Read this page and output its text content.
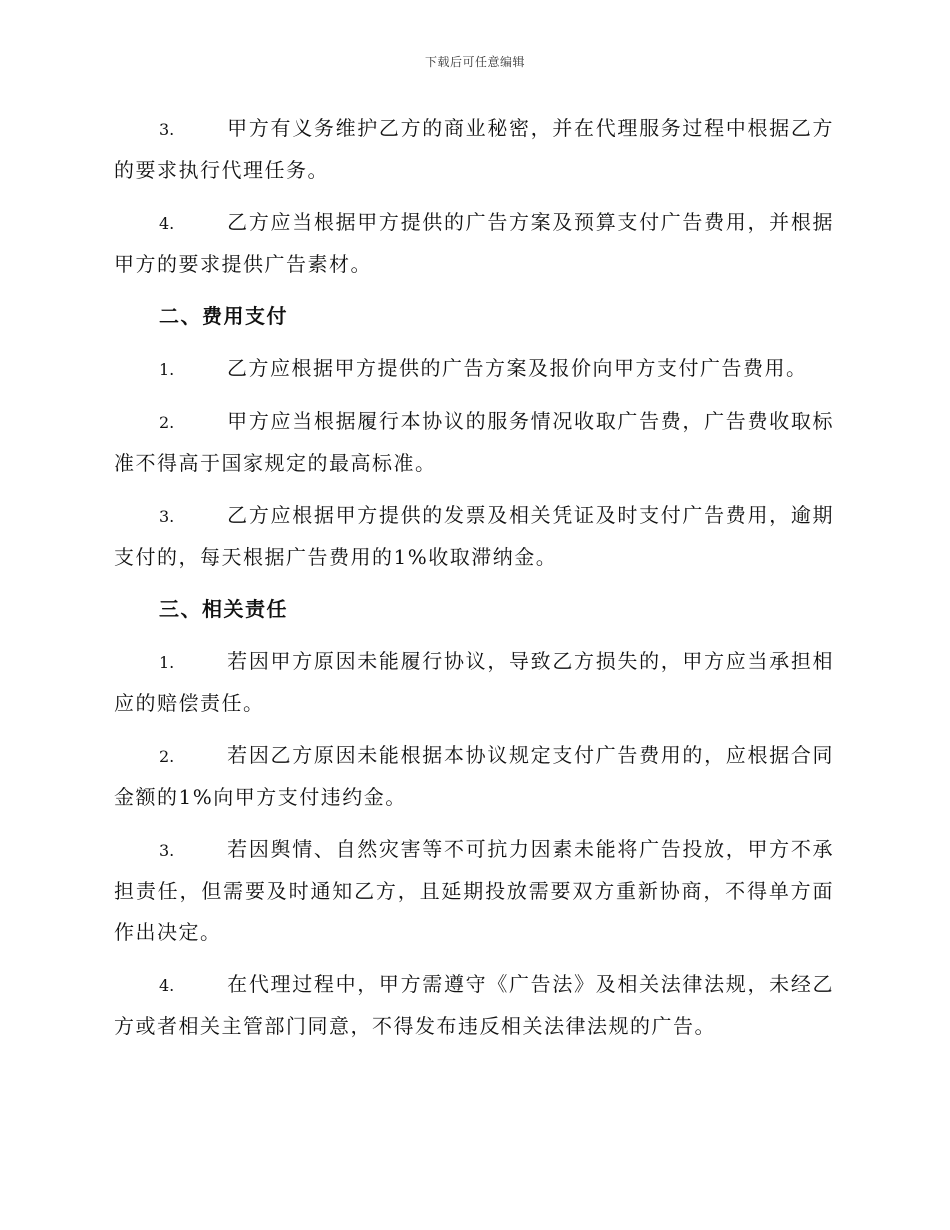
下载后可任意编辑

3.	甲方有义务维护乙方的商业秘密，并在代理服务过程中根据乙方的要求执行代理任务。

4.	乙方应当根据甲方提供的广告方案及预算支付广告费用，并根据甲方的要求提供广告素材。

二、费用支付

1.	乙方应根据甲方提供的广告方案及报价向甲方支付广告费用。

2.	甲方应当根据履行本协议的服务情况收取广告费，广告费收取标准不得高于国家规定的最高标准。

3.	乙方应根据甲方提供的发票及相关凭证及时支付广告费用，逾期支付的，每天根据广告费用的1%收取滞纳金。

三、相关责任

1.	若因甲方原因未能履行协议，导致乙方损失的，甲方应当承担相应的赔偿责任。

2.	若因乙方原因未能根据本协议规定支付广告费用的，应根据合同金额的1%向甲方支付违约金。

3.	若因舆情、自然灾害等不可抗力因素未能将广告投放，甲方不承担责任，但需要及时通知乙方，且延期投放需要双方重新协商，不得单方面作出决定。

4.	在代理过程中，甲方需遵守《广告法》及相关法律法规，未经乙方或者相关主管部门同意，不得发布违反相关法律法规的广告。
